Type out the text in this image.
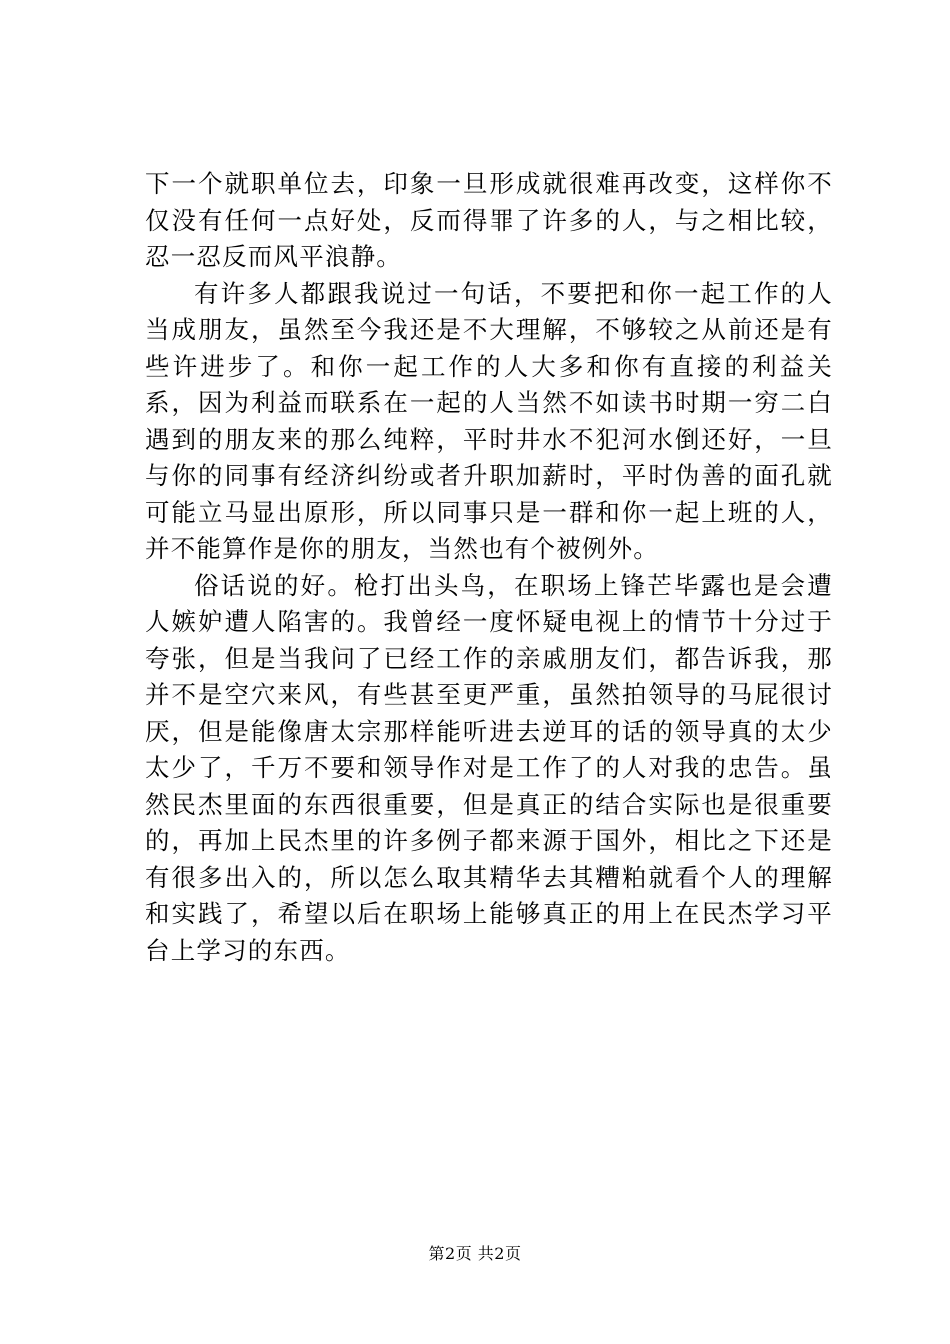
下一个就职单位去，印象一旦形成就很难再改变，这样你不仅没有任何一点好处，反而得罪了许多的人，与之相比较，忍一忍反而风平浪静。

有许多人都跟我说过一句话，不要把和你一起工作的人当成朋友，虽然至今我还是不大理解，不够较之从前还是有些许进步了。和你一起工作的人大多和你有直接的利益关系，因为利益而联系在一起的人当然不如读书时期一穷二白遇到的朋友来的那么纯粹，平时井水不犯河水倒还好，一旦与你的同事有经济纠纷或者升职加薪时，平时伪善的面孔就可能立马显出原形，所以同事只是一群和你一起上班的人，并不能算作是你的朋友，当然也有个被例外。

俗话说的好。枪打出头鸟，在职场上锋芒毕露也是会遭人嫉妒遭人陷害的。我曾经一度怀疑电视上的情节十分过于夸张，但是当我问了已经工作的亲戚朋友们，都告诉我，那并不是空穴来风，有些甚至更严重，虽然拍领导的马屁很讨厌，但是能像唐太宗那样能听进去逆耳的话的领导真的太少太少了，千万不要和领导作对是工作了的人对我的忠告。虽然民杰里面的东西很重要，但是真正的结合实际也是很重要的，再加上民杰里的许多例子都来源于国外，相比之下还是有很多出入的，所以怎么取其精华去其糟粕就看个人的理解和实践了，希望以后在职场上能够真正的用上在民杰学习平台上学习的东西。

第2页 共2页
